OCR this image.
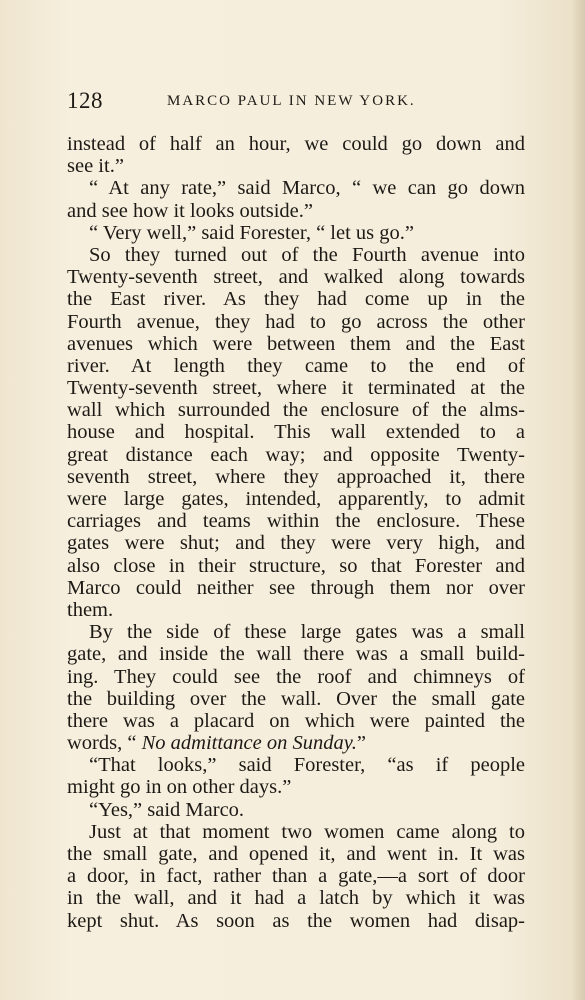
128	MARCO PAUL IN NEW YORK.
instead of half an hour, we could go down and
see it.”
“ At any rate,” said Marco, “ we can go down
and see how it looks outside.”
“ Very well,” said Forester, “ let us go.”
So they turned out of the Fourth avenue into
Twenty-seventh street, and walked along towards
the East river. As they had come up in the
Fourth avenue, they had to go across the other
avenues which were between them and the East
river. At length they came to the end of
Twenty-seventh street, where it terminated at the
wall which surrounded the enclosure of the alms-
house and hospital. This wall extended to a
great distance each way; and opposite Twenty-
seventh street, where they approached it, there
were large gates, intended, apparently, to admit
carriages and teams within the enclosure. These
gates were shut; and they were very high, and
also close in their structure, so that Forester and
Marco could neither see through them nor over
them.
By the side of these large gates was a small
gate, and inside the wall there was a small build-
ing. They could see the roof and chimneys of
the building over the wall. Over the small gate
there was a placard on which were painted the
words, “ No admittance on Sunday.”
“That looks,” said Forester, “as if people
might go in on other days.”
“Yes,” said Marco.
Just at that moment two women came along to
the small gate, and opened it, and went in. It was
a door, in fact, rather than a gate,—a sort of door
in the wall, and it had a latch by which it was
kept shut. As soon as the women had disap-
